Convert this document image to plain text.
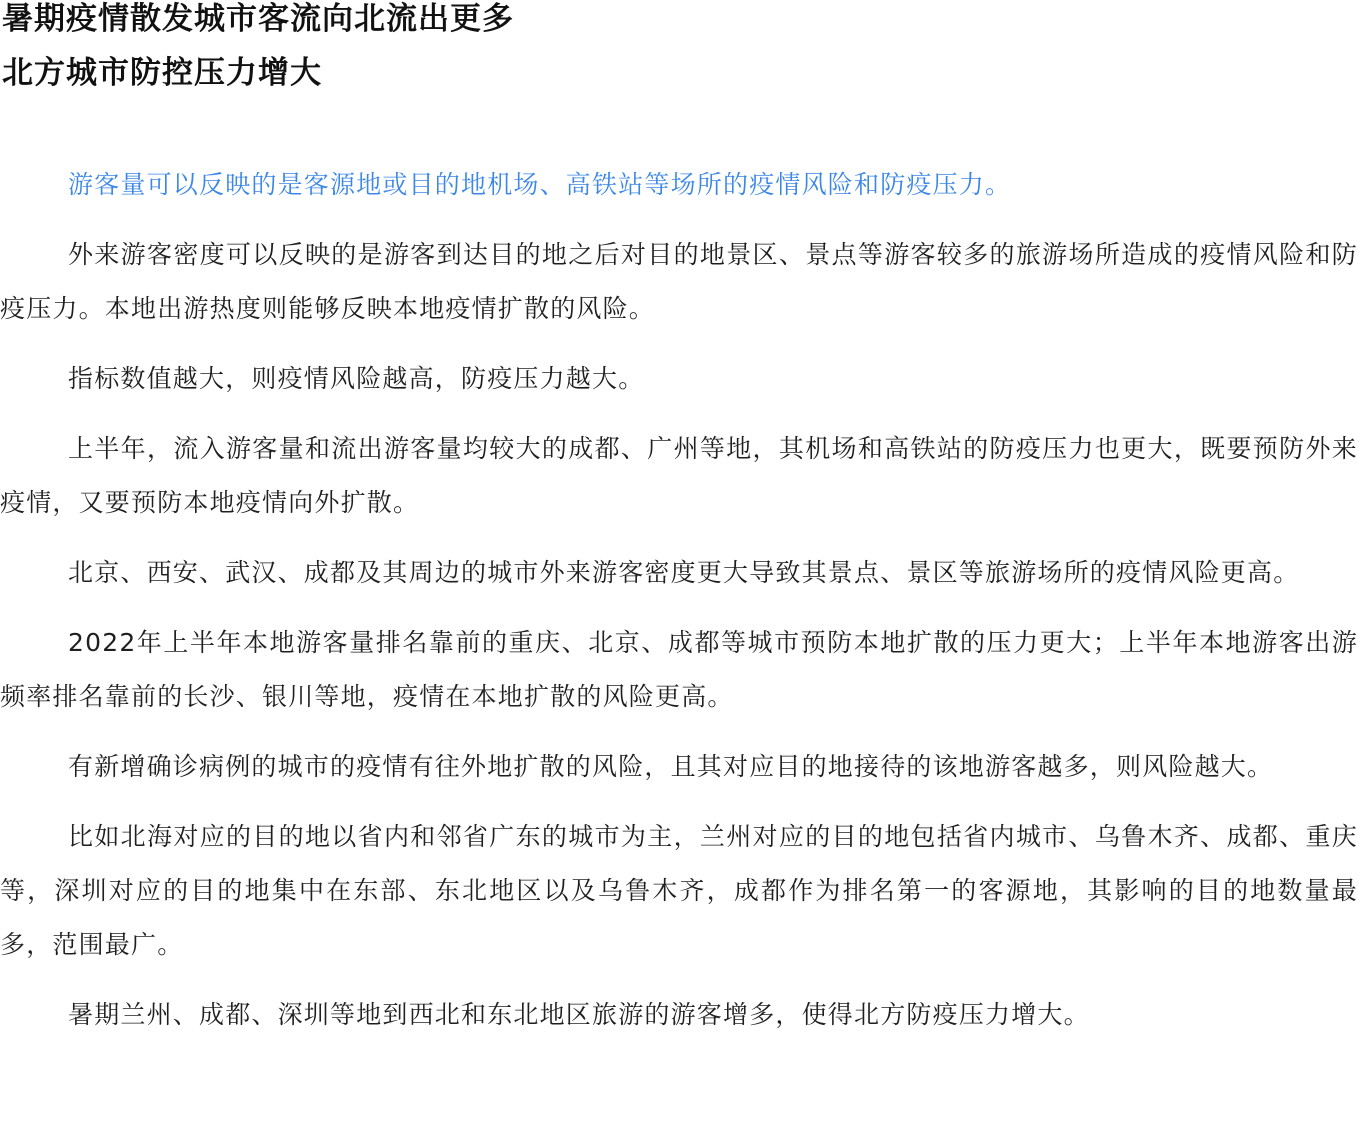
暑期疫情散发城市客流向北流出更多
北方城市防控压力增大

游客量可以反映的是客源地或目的地机场、高铁站等场所的疫情风险和防疫压力。

外来游客密度可以反映的是游客到达目的地之后对目的地景区、景点等游客较多的旅游场所造成的疫情风险和防疫压力。本地出游热度则能够反映本地疫情扩散的风险。

指标数值越大，则疫情风险越高，防疫压力越大。

上半年，流入游客量和流出游客量均较大的成都、广州等地，其机场和高铁站的防疫压力也更大，既要预防外来疫情，又要预防本地疫情向外扩散。

北京、西安、武汉、成都及其周边的城市外来游客密度更大导致其景点、景区等旅游场所的疫情风险更高。

2022年上半年本地游客量排名靠前的重庆、北京、成都等城市预防本地扩散的压力更大；上半年本地游客出游频率排名靠前的长沙、银川等地，疫情在本地扩散的风险更高。

有新增确诊病例的城市的疫情有往外地扩散的风险，且其对应目的地接待的该地游客越多，则风险越大。

比如北海对应的目的地以省内和邻省广东的城市为主，兰州对应的目的地包括省内城市、乌鲁木齐、成都、重庆等，深圳对应的目的地集中在东部、东北地区以及乌鲁木齐，成都作为排名第一的客源地，其影响的目的地数量最多，范围最广。

暑期兰州、成都、深圳等地到西北和东北地区旅游的游客增多，使得北方防疫压力增大。
